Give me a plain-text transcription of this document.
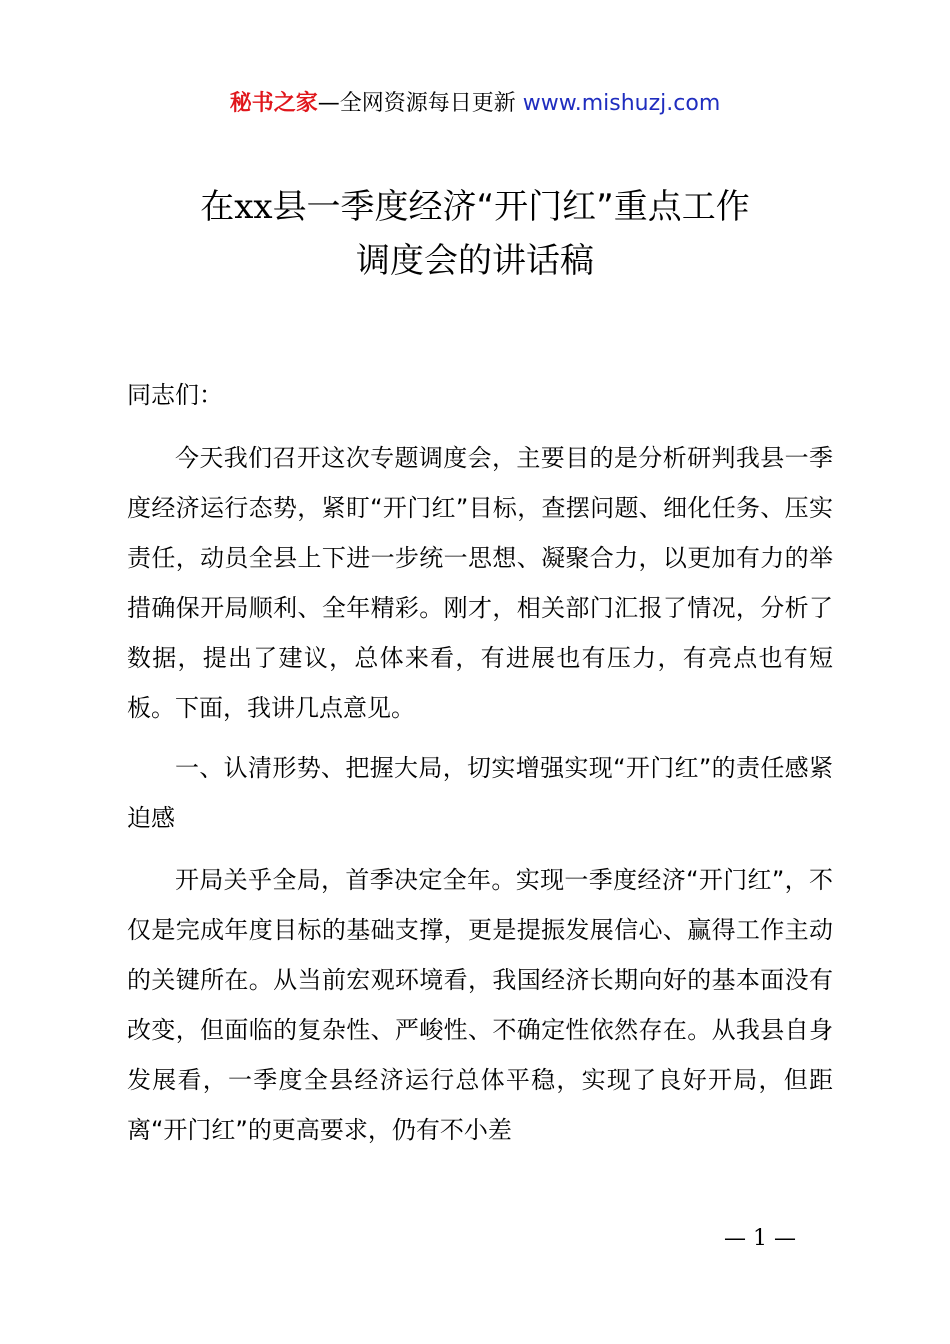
秘书之家—全网资源每日更新 www.mishuzj.com
在xx县一季度经济“开门红”重点工作
调度会的讲话稿

同志们：

今天我们召开这次专题调度会，主要目的是分析研判我县一季度经济运行态势，紧盯“开门红”目标，查摆问题、细化任务、压实责任，动员全县上下进一步统一思想、凝聚合力，以更加有力的举措确保开局顺利、全年精彩。刚才，相关部门汇报了情况，分析了数据，提出了建议，总体来看，有进展也有压力，有亮点也有短板。下面，我讲几点意见。

一、认清形势、把握大局，切实增强实现“开门红”的责任感紧迫感

开局关乎全局，首季决定全年。实现一季度经济“开门红”，不仅是完成年度目标的基础支撑，更是提振发展信心、赢得工作主动的关键所在。从当前宏观环境看，我国经济长期向好的基本面没有改变，但面临的复杂性、严峻性、不确定性依然存在。从我县自身发展看，一季度全县经济运行总体平稳，实现了良好开局，但距离“开门红”的更高要求，仍有不小差

— 1 —
